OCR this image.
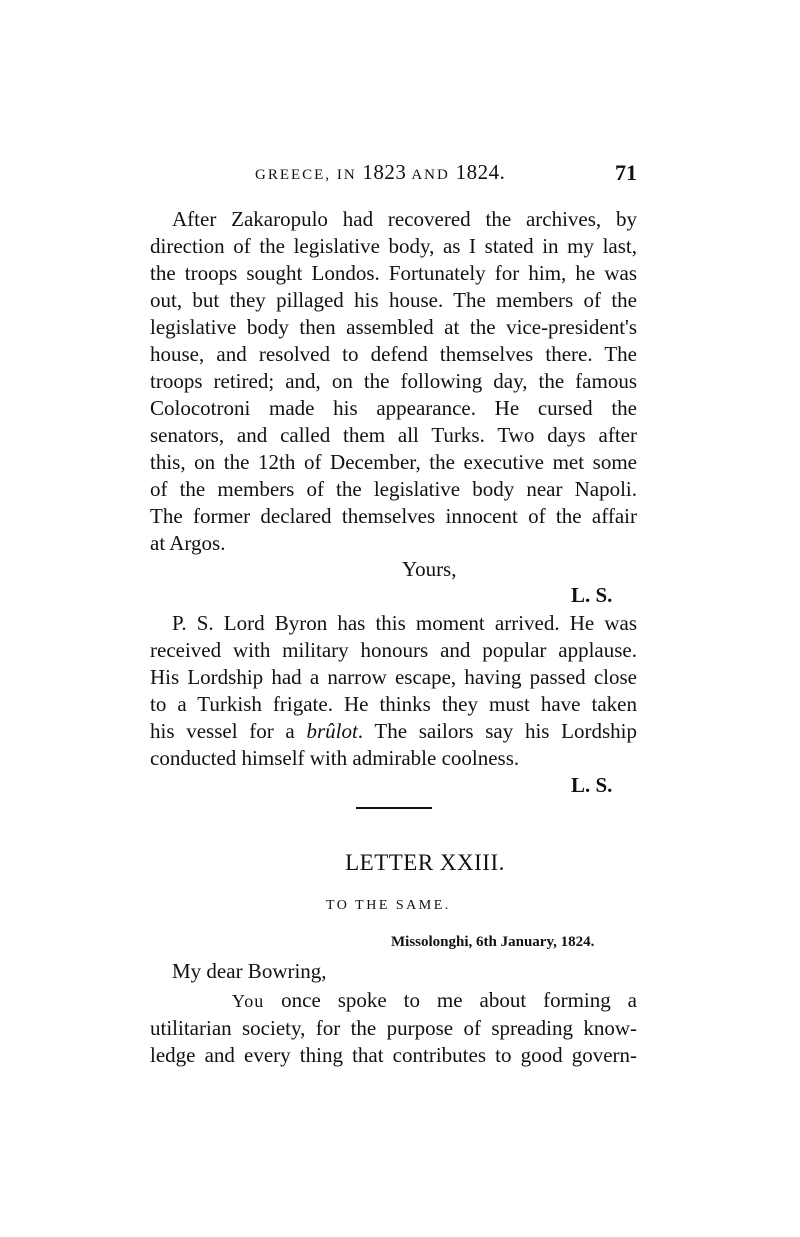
GREECE, IN 1823 AND 1824.	71
After Zakaropulo had recovered the archives, by
direction of the legislative body, as I stated in my last,
the troops sought Londos. Fortunately for him, he was
out, but they pillaged his house. The members of the
legislative body then assembled at the vice-president's
house, and resolved to defend themselves there. The
troops retired; and, on the following day, the famous
Colocotroni made his appearance. He cursed the
senators, and called them all Turks. Two days after
this, on the 12th of December, the executive met some
of the members of the legislative body near Napoli.
The former declared themselves innocent of the affair
at Argos.
Yours,
L. S.
P. S. Lord Byron has this moment arrived. He was
received with military honours and popular applause.
His Lordship had a narrow escape, having passed close
to a Turkish frigate. He thinks they must have taken
his vessel for a brûlot. The sailors say his Lordship
conducted himself with admirable coolness.
L. S.
LETTER XXIII.
TO THE SAME.
Missolonghi, 6th January, 1824.
My dear Bowring,
You once spoke to me about forming a
utilitarian society, for the purpose of spreading know-
ledge and every thing that contributes to good govern-
